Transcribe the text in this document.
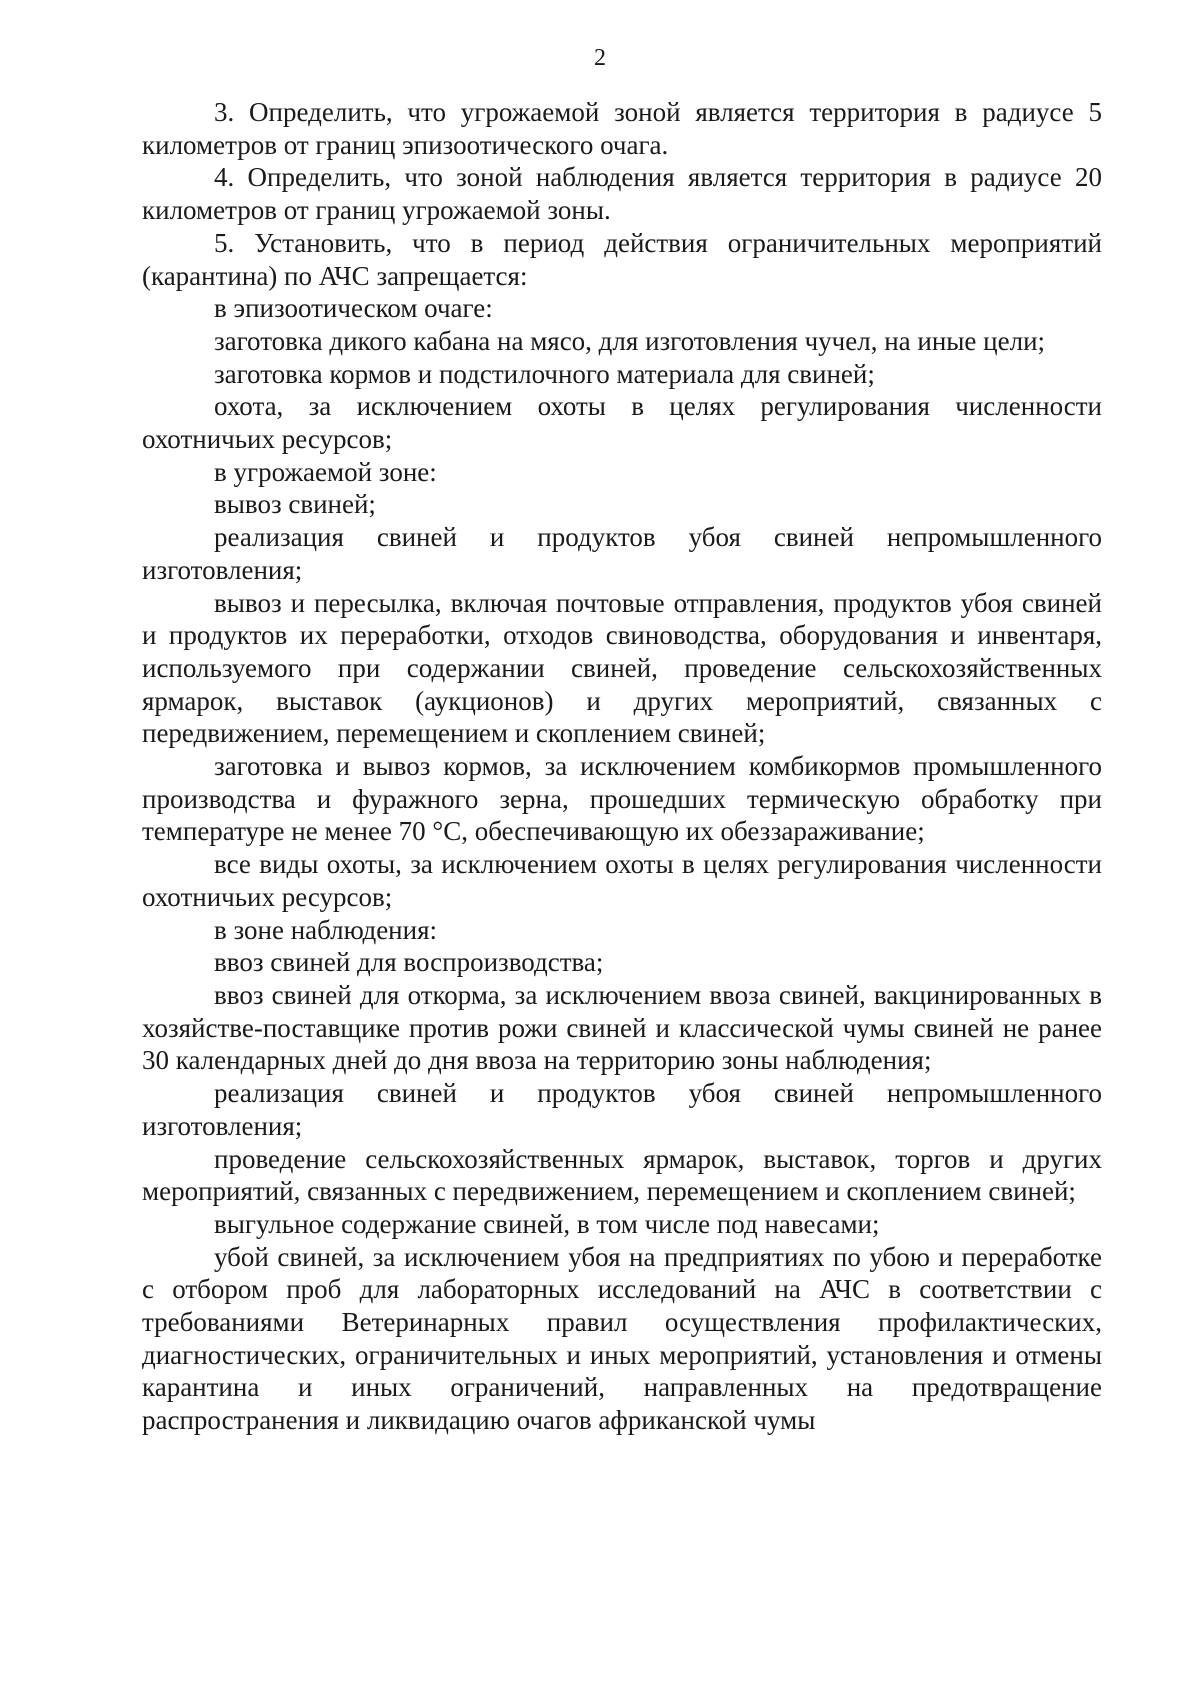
2

3. Определить, что угрожаемой зоной является территория в радиусе 5 километров от границ эпизоотического очага.

4. Определить, что зоной наблюдения является территория в радиусе 20 километров от границ угрожаемой зоны.

5. Установить, что в период действия ограничительных мероприятий (карантина) по АЧС запрещается:

в эпизоотическом очаге:

заготовка дикого кабана на мясо, для изготовления чучел, на иные цели;

заготовка кормов и подстилочного материала для свиней;

охота, за исключением охоты в целях регулирования численности охотничьих ресурсов;

в угрожаемой зоне:

вывоз свиней;

реализация свиней и продуктов убоя свиней непромышленного изготовления;

вывоз и пересылка, включая почтовые отправления, продуктов убоя свиней и продуктов их переработки, отходов свиноводства, оборудования и инвентаря, используемого при содержании свиней, проведение сельскохозяйственных ярмарок, выставок (аукционов) и других мероприятий, связанных с передвижением, перемещением и скоплением свиней;

заготовка и вывоз кормов, за исключением комбикормов промышленного производства и фуражного зерна, прошедших термическую обработку при температуре не менее 70 °С, обеспечивающую их обеззараживание;

все виды охоты, за исключением охоты в целях регулирования численности охотничьих ресурсов;

в зоне наблюдения:

ввоз свиней для воспроизводства;

ввоз свиней для откорма, за исключением ввоза свиней, вакцинированных в хозяйстве-поставщике против рожи свиней и классической чумы свиней не ранее 30 календарных дней до дня ввоза на территорию зоны наблюдения;

реализация свиней и продуктов убоя свиней непромышленного изготовления;

проведение сельскохозяйственных ярмарок, выставок, торгов и других мероприятий, связанных с передвижением, перемещением и скоплением свиней;

выгульное содержание свиней, в том числе под навесами;

убой свиней, за исключением убоя на предприятиях по убою и переработке с отбором проб для лабораторных исследований на АЧС в соответствии с требованиями Ветеринарных правил осуществления профилактических, диагностических, ограничительных и иных мероприятий, установления и отмены карантина и иных ограничений, направленных на предотвращение распространения и ликвидацию очагов африканской чумы
